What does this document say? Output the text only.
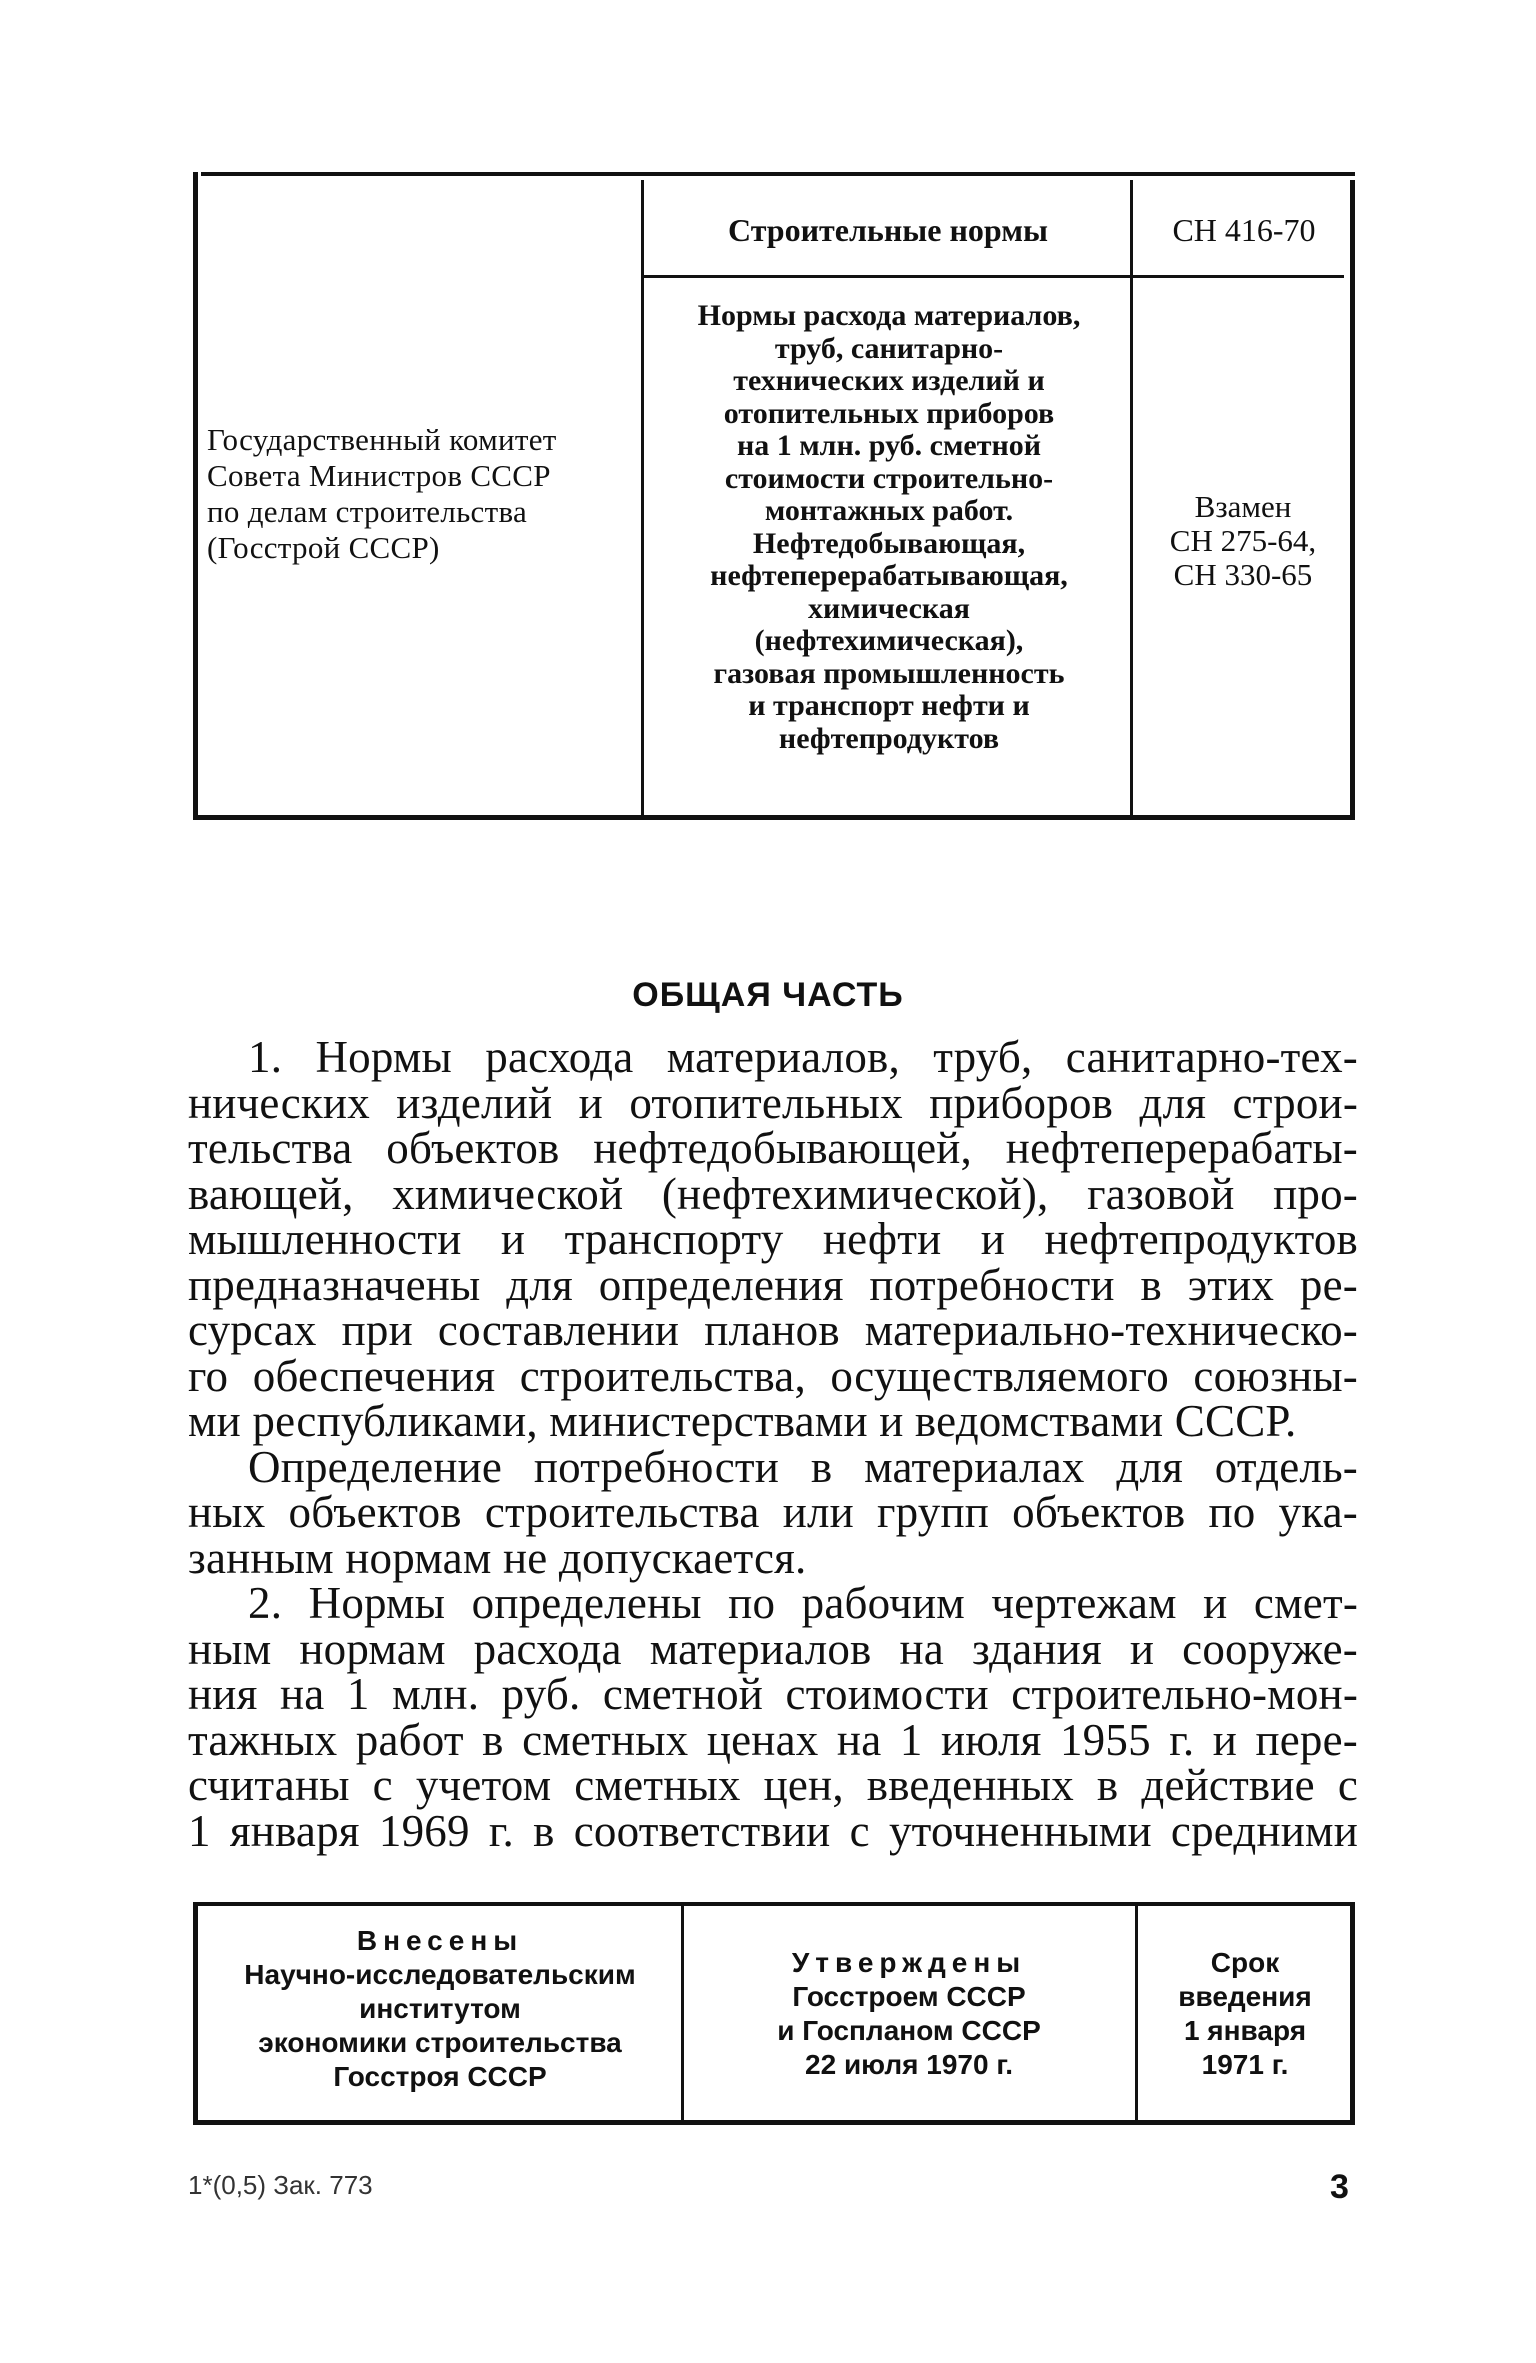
Государственный комитет
Совета Министров СССР
по делам строительства
(Госстрой СССР)
Строительные нормы	СН 416-70
Нормы расхода материалов,
труб, санитарно-
технических изделий и
отопительных приборов
на 1 млн. руб. сметной
стоимости строительно-
монтажных работ.
Нефтедобывающая,
нефтеперерабатывающая,
химическая
(нефтехимическая),
газовая промышленность
и транспорт нефти и
нефтепродуктов
Взамен
СН 275-64,
СН 330-65
ОБЩАЯ ЧАСТЬ
1. Нормы расхода материалов, труб, санитарно-тех-
нических изделий и отопительных приборов для строи-
тельства объектов нефтедобывающей, нефтеперерабаты-
вающей, химической (нефтехимической), газовой про-
мышленности и транспорту нефти и нефтепродуктов
предназначены для определения потребности в этих ре-
сурсах при составлении планов материально-техническо-
го обеспечения строительства, осуществляемого союзны-
ми республиками, министерствами и ведомствами СССР.
Определение потребности в материалах для отдель-
ных объектов строительства или групп объектов по ука-
занным нормам не допускается.
2. Нормы определены по рабочим чертежам и смет-
ным нормам расхода материалов на здания и сооруже-
ния на 1 млн. руб. сметной стоимости строительно-мон-
тажных работ в сметных ценах на 1 июля 1955 г. и пере-
считаны с учетом сметных цен, введенных в действие с
1 января 1969 г. в соответствии с уточненными средними
Внесены
Научно-исследовательским
институтом
экономики строительства
Госстроя СССР
Утверждены
Госстроем СССР
и Госпланом СССР
22 июля 1970 г.
Срок
введения
1 января
1971 г.
1*(0,5) Зак. 773	3
